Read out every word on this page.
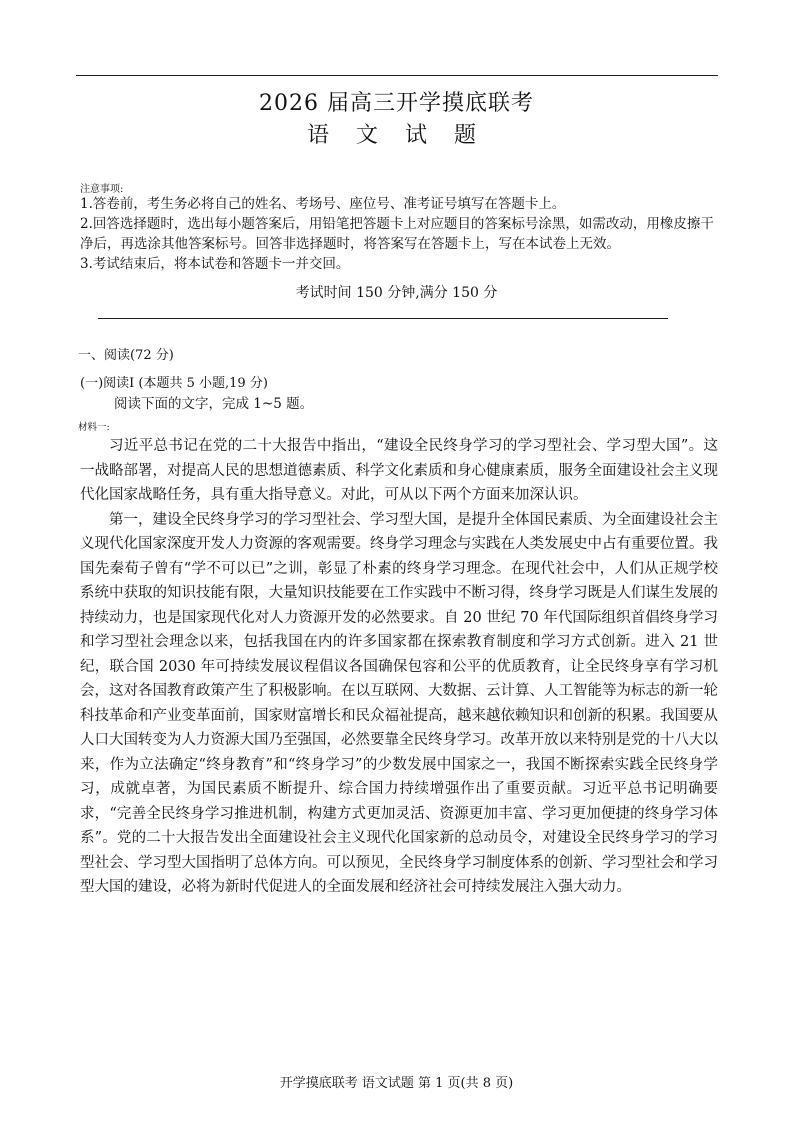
2026 届高三开学摸底联考
语 文 试 题
注意事项:

1.答卷前，考生务必将自己的姓名、考场号、座位号、准考证号填写在答题卡上。

2.回答选择题时，选出每小题答案后，用铅笔把答题卡上对应题目的答案标号涂黑，如需改动，用橡皮擦干净后，再选涂其他答案标号。回答非选择题时，将答案写在答题卡上，写在本试卷上无效。

3.考试结束后，将本试卷和答题卡一并交回。

考试时间 150 分钟,满分 150 分
一、阅读(72 分)
(一)阅读Ⅰ (本题共 5 小题,19 分)
阅读下面的文字，完成 1~5 题。
材料一:

习近平总书记在党的二十大报告中指出，“建设全民终身学习的学习型社会、学习型大国”。这一战略部署，对提高人民的思想道德素质、科学文化素质和身心健康素质，服务全面建设社会主义现代化国家战略任务，具有重大指导意义。对此，可从以下两个方面来加深认识。

第一，建设全民终身学习的学习型社会、学习型大国，是提升全体国民素质、为全面建设社会主义现代化国家深度开发人力资源的客观需要。终身学习理念与实践在人类发展史中占有重要位置。我国先秦荀子曾有“学不可以已”之训，彰显了朴素的终身学习理念。在现代社会中，人们从正规学校系统中获取的知识技能有限，大量知识技能要在工作实践中不断习得，终身学习既是人们谋生发展的持续动力，也是国家现代化对人力资源开发的必然要求。自 20 世纪 70 年代国际组织首倡终身学习和学习型社会理念以来，包括我国在内的许多国家都在探索教育制度和学习方式创新。进入 21 世纪，联合国 2030 年可持续发展议程倡议各国确保包容和公平的优质教育，让全民终身享有学习机会，这对各国教育政策产生了积极影响。在以互联网、大数据、云计算、人工智能等为标志的新一轮科技革命和产业变革面前，国家财富增长和民众福祉提高，越来越依赖知识和创新的积累。我国要从人口大国转变为人力资源大国乃至强国，必然要靠全民终身学习。改革开放以来特别是党的十八大以来，作为立法确定“终身教育”和“终身学习”的少数发展中国家之一，我国不断探索实践全民终身学习，成就卓著，为国民素质不断提升、综合国力持续增强作出了重要贡献。习近平总书记明确要求，“完善全民终身学习推进机制，构建方式更加灵活、资源更加丰富、学习更加便捷的终身学习体系”。党的二十大报告发出全面建设社会主义现代化国家新的总动员令，对建设全民终身学习的学习型社会、学习型大国指明了总体方向。可以预见，全民终身学习制度体系的创新、学习型社会和学习型大国的建设，必将为新时代促进人的全面发展和经济社会可持续发展注入强大动力。

开学摸底联考 语文试题 第 1 页(共 8 页)
